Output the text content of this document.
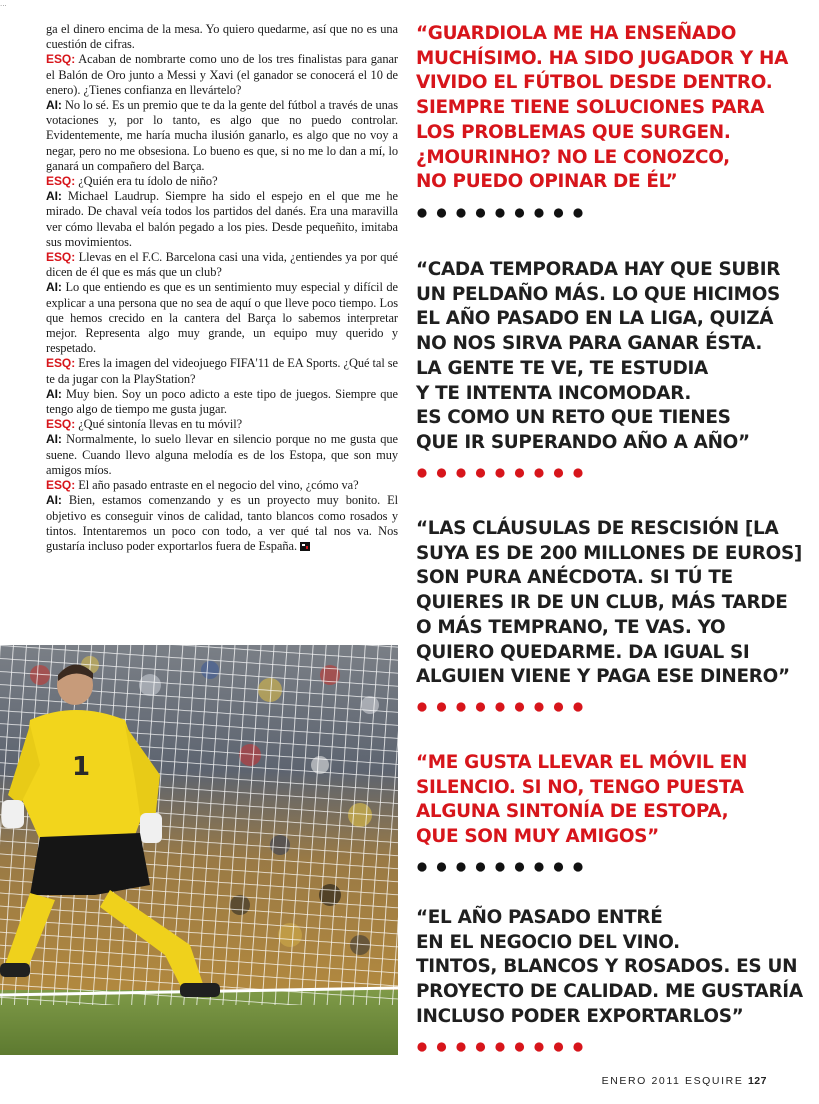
...

ga el dinero encima de la mesa. Yo quiero quedarme, así que no es una cuestión de cifras.

ESQ: Acaban de nombrarte como uno de los tres finalistas para ganar el Balón de Oro junto a Messi y Xavi (el ganador se conocerá el 10 de enero). ¿Tienes confianza en llevártelo?

AI: No lo sé. Es un premio que te da la gente del fútbol a través de unas votaciones y, por lo tanto, es algo que no puedo controlar. Evidentemente, me haría mucha ilusión ganarlo, es algo que no voy a negar, pero no me obsesiona. Lo bueno es que, si no me lo dan a mí, lo ganará un compañero del Barça.

ESQ: ¿Quién era tu ídolo de niño?

AI: Michael Laudrup. Siempre ha sido el espejo en el que me he mirado. De chaval veía todos los partidos del danés. Era una maravilla ver cómo llevaba el balón pegado a los pies. Desde pequeñito, imitaba sus movimientos.

ESQ: Llevas en el F.C. Barcelona casi una vida, ¿entiendes ya por qué dicen de él que es más que un club?

AI: Lo que entiendo es que es un sentimiento muy especial y difícil de explicar a una persona que no sea de aquí o que lleve poco tiempo. Los que hemos crecido en la cantera del Barça lo sabemos interpretar mejor. Representa algo muy grande, un equipo muy querido y respetado.

ESQ: Eres la imagen del videojuego FIFA'11 de EA Sports. ¿Qué tal se te da jugar con la PlayStation?

AI: Muy bien. Soy un poco adicto a este tipo de juegos. Siempre que tengo algo de tiempo me gusta jugar.

ESQ: ¿Qué sintonía llevas en tu móvil?

AI: Normalmente, lo suelo llevar en silencio porque no me gusta que suene. Cuando llevo alguna melodía es de los Estopa, que son muy amigos míos.

ESQ: El año pasado entraste en el negocio del vino, ¿cómo va?

AI: Bien, estamos comenzando y es un proyecto muy bonito. El objetivo es conseguir vinos de calidad, tanto blancos como rosados y tintos. Intentaremos un poco con todo, a ver qué tal nos va. Nos gustaría incluso poder exportarlos fuera de España.

1
“GUARDIOLA ME HA ENSEÑADO
MUCHÍSIMO. HA SIDO JUGADOR Y HA
VIVIDO EL FÚTBOL DESDE DENTRO.
SIEMPRE TIENE SOLUCIONES PARA
LOS PROBLEMAS QUE SURGEN.
¿MOURINHO? NO LE CONOZCO,
NO PUEDO OPINAR DE ÉL”
“CADA TEMPORADA HAY QUE SUBIR
UN PELDAÑO MÁS. LO QUE HICIMOS
EL AÑO PASADO EN LA LIGA, QUIZÁ
NO NOS SIRVA PARA GANAR ÉSTA.
LA GENTE TE VE, TE ESTUDIA
Y TE INTENTA INCOMODAR.
ES COMO UN RETO QUE TIENES
QUE IR SUPERANDO AÑO A AÑO”
“LAS CLÁUSULAS DE RESCISIÓN [LA
SUYA ES DE 200 MILLONES DE EUROS]
SON PURA ANÉCDOTA. SI TÚ TE
QUIERES IR DE UN CLUB, MÁS TARDE
O MÁS TEMPRANO, TE VAS. YO
QUIERO QUEDARME. DA IGUAL SI
ALGUIEN VIENE Y PAGA ESE DINERO”
“ME GUSTA LLEVAR EL MÓVIL EN
SILENCIO. SI NO, TENGO PUESTA
ALGUNA SINTONÍA DE ESTOPA,
QUE SON MUY AMIGOS”
“EL AÑO PASADO ENTRÉ
EN EL NEGOCIO DEL VINO.
TINTOS, BLANCOS Y ROSADOS. ES UN
PROYECTO DE CALIDAD. ME GUSTARÍA
INCLUSO PODER EXPORTARLOS”
ENERO 2011 ESQUIRE 127
